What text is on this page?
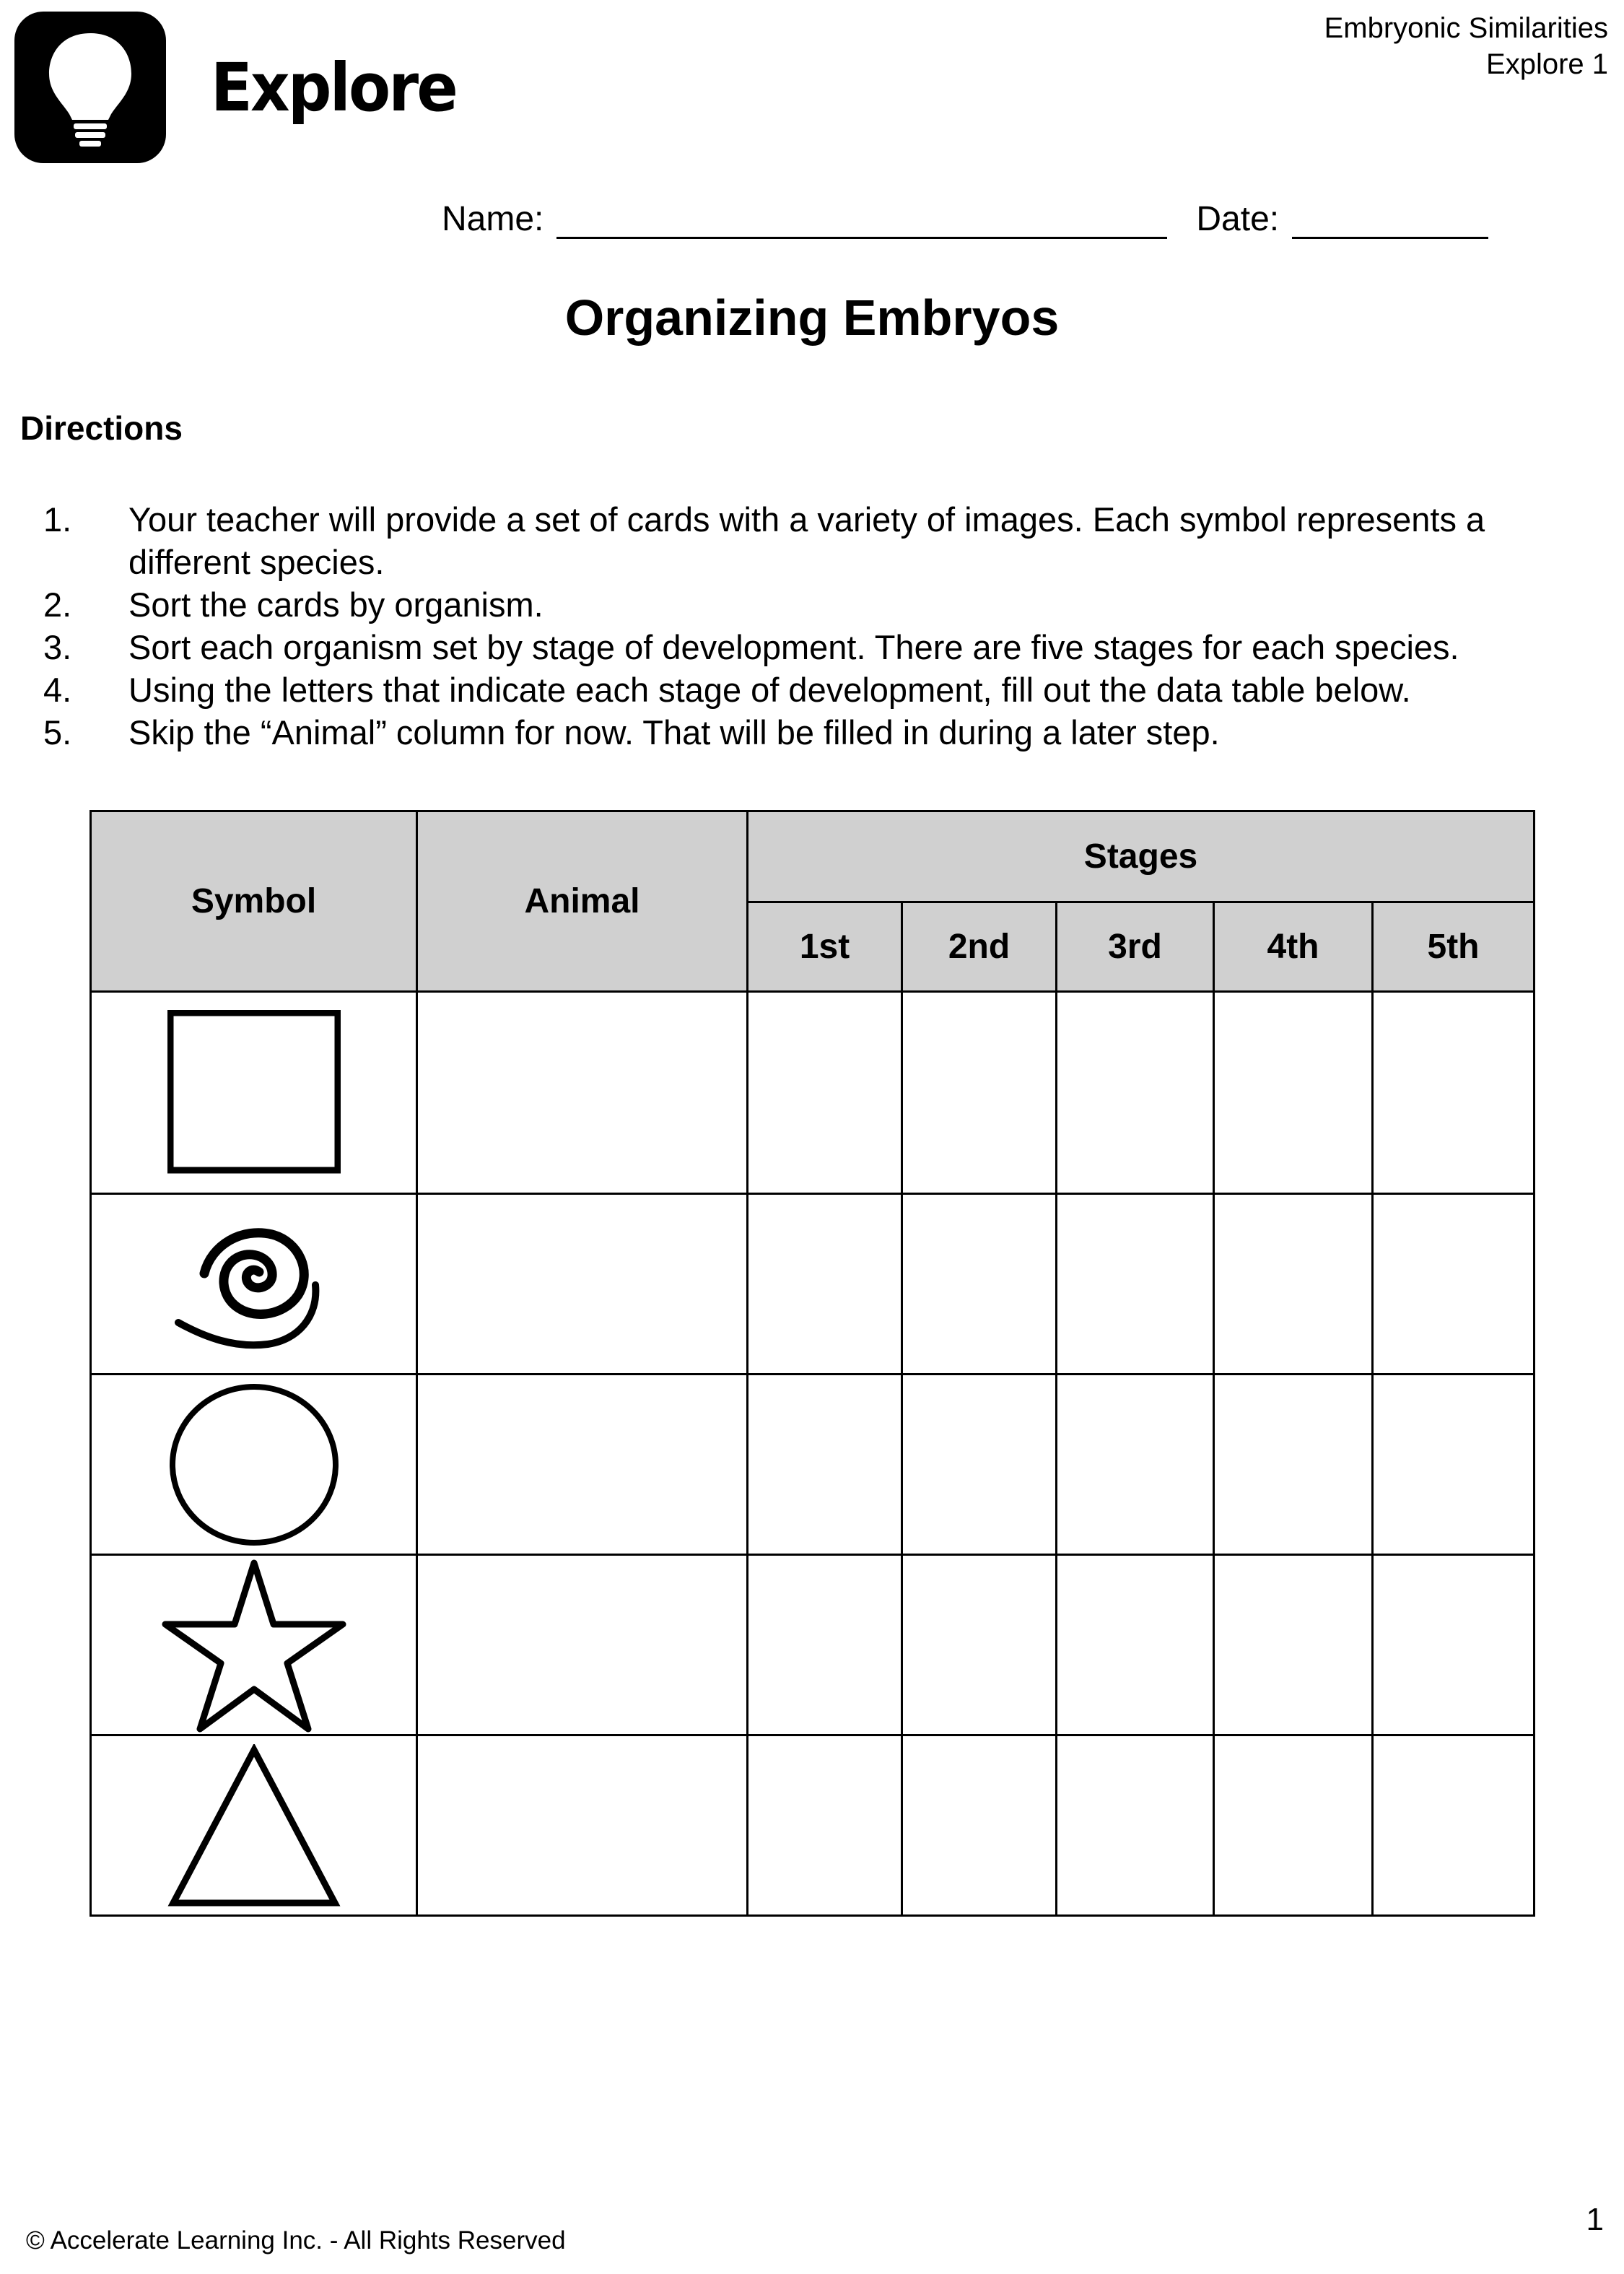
Explore
Embryonic Similarities
Explore 1
Name:	Date:
Organizing Embryos
Directions
1.	Your teacher will provide a set of cards with a variety of images. Each symbol represents a different species.
2.	Sort the cards by organism.
3.	Sort each organism set by stage of development. There are five stages for each species.
4.	Using the letters that indicate each stage of development, fill out the data table below.
5.	Skip the “Animal” column for now. That will be filled in during a later step.
Symbol	Animal	Stages				
		1st	2nd	3rd	4th	5th

© Accelerate Learning Inc. - All Rights Reserved
1
